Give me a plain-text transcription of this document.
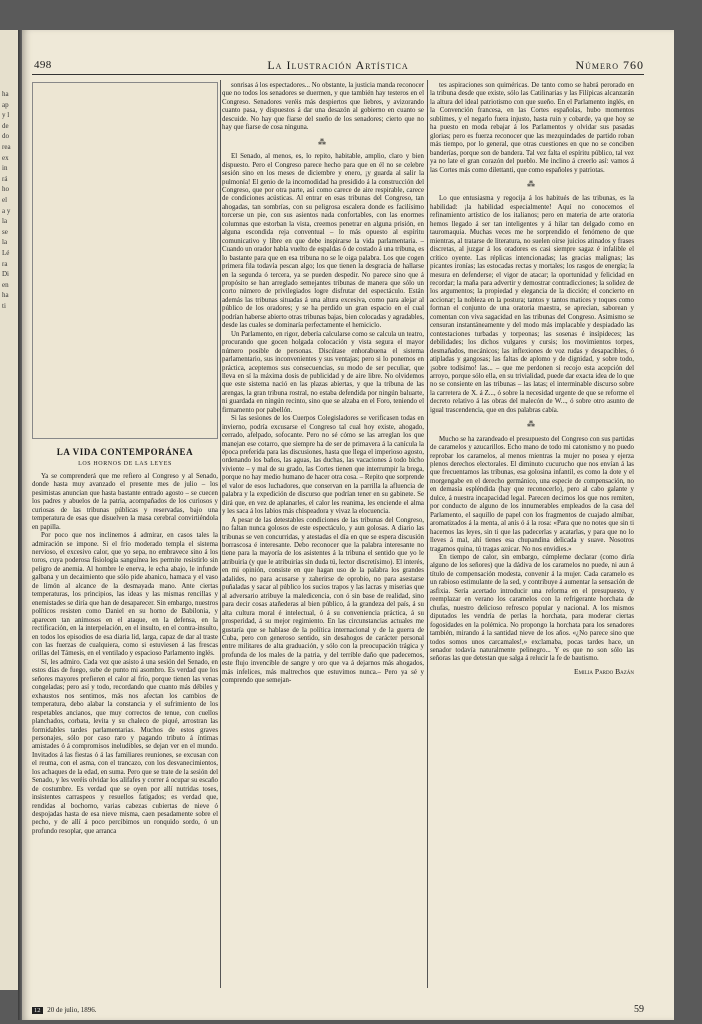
ha
ap
y l
de
do
rea
ex
in
rá
ho
el
a y
la
se
la
Lé
ra
Di
en
ha
ti
498	La Ilustración Artística	Número 760
LA VIDA CONTEMPORÁNEA
LOS HORNOS DE LAS LEYES

Ya se comprenderá que me refiero al Congreso y al Senado, donde hasta muy avanzado el presente mes de julio – los pesimistas anuncian que hasta bastante entrado agosto – se cuecen los padres y abuelos de la patria, acompañados de los curiosos y curiosas de las tribunas públicas y reservadas, bajo una temperatura de esas que disuelven la masa cerebral convirtiéndola en papilla.

Por poco que nos inclinemos á admirar, en casos tales la admiración se impone. Si el frío moderado templa el sistema nervioso, el excesivo calor, que yo sepa, no embravece sino á los toros, cuya poderosa fisiología sanguínea les permite resistirlo sin peligro de anemia. Al hombre le enerva, le echa abajo, le infunde galbana y un decaimiento que sólo pide abanico, hamaca y el vaso de limón al alcance de la desmayada mano. Ante ciertas temperaturas, los principios, las ideas y las mismas rencillas y enemistades se diría que han de desaparecer. Sin embargo, nuestros políticos resisten como Daniel en su horno de Babilonia, y aparecen tan animosos en el ataque, en la defensa, en la rectificación, en la interpelación, en el insulto, en el contra-insulto, en todos los episodios de esa diaria lid, larga, capaz de dar al traste con las fuerzas de cualquiera, como si estuviesen á las frescas orillas del Támesis, en el ventilado y espacioso Parlamento inglés.

Sí, les admiro. Cada vez que asisto á una sesión del Senado, en estos días de fuego, sube de punto mi asombro. Es verdad que los señores mayores prefieren el calor al frío, porque tienen las venas congeladas; pero así y todo, recordando que cuanto más débiles y exhaustos nos sentimos, más nos afectan los cambios de temperatura, debo alabar la constancia y el sufrimiento de los respetables ancianos, que muy correctos de tenue, con cuellos planchados, corbata, levita y su chaleco de piqué, arrostran las formidables tardes parlamentarias. Muchos de estos graves personajes, sólo por caso raro y pagando tributo á íntimas amistades ó á compromisos ineludibles, se dejan ver en el mundo. Invitados á las fiestas ó á las familiares reuniones, se excusan con el reuma, con el asma, con el trancazo, con los desvanecimientos, los achaques de la edad, en suma. Pero que se trate de la sesión del Senado, y les veréis olvidar los alifafes y correr á ocupar su escaño de costumbre. Es verdad que se oyen por allí nutridas toses, insistentes carraspeos y resuellos fatigados; es verdad que, rendidas al bochorno, varias cabezas cubiertas de nieve ó despojadas hasta de esa nieve misma, caen pesadamente sobre el pecho, y de allí á poco percibimos un ronquido sordo, ó un profundo resoplar, que arranca

sonrisas á los espectadores... No obstante, la justicia manda reconocer que no todos los senadores se duermen, y que también hay testeros en el Congreso. Senadores veréis más despiertos que liebres, y avizorando cuanto pasa, y dispuestos á dar una desazón al gobierno en cuanto se descuide. No hay que fiarse del sueño de los senadores; cierto que no hay que fiarse de cosa ninguna.

⁂

El Senado, al menos, es, lo repito, habitable, amplio, claro y bien dispuesto. Pero el Congreso parece hecho para que en él no se celebre sesión sino en los meses de diciembre y enero, ¡y guarda al salir la pulmonía! El genio de la incomodidad ha presidido á la construcción del Congreso, que por otra parte, así como carece de aire respirable, carece de condiciones acústicas. Al entrar en esas tribunas del Congreso, tan ahogadas, tan sombrías, con su peligrosa escalera donde es facilísimo torcerse un pie, con sus asientos nada confortables, con las enormes columnas que estorban la vista, creemos penetrar en alguna prisión, en alguna escondida reja conventual – lo más opuesto al espíritu comunicativo y libre en que debe inspirarse la vida parlamentaria. – Cuando un orador habla vuelto de espaldas ó de costado á una tribuna, es lo bastante para que en esa tribuna no se le oiga palabra. Los que cogen primera fila todavía pescan algo; los que tienen la desgracia de hallarse en la segunda ó tercera, ya se pueden despedir. No parece sino que á propósito se han arreglado semejantes tribunas de manera que sólo un corto número de privilegiados logre disfrutar del espectáculo. Están además las tribunas situadas á una altura excesiva, como para alejar al público de los oradores; y se ha perdido un gran espacio en el cual podrían haberse abierto otras tribunas bajas, bien colocadas y agradables, desde las cuales se dominaría perfectamente el hemiciclo.

Un Parlamento, en rigor, debería calcularse como se calcula un teatro, procurando que gocen holgada colocación y vista segura el mayor número posible de personas. Discútase enhorabuena el sistema parlamentario, sus inconvenientes y sus ventajas; pero si lo ponemos en práctica, aceptemos sus consecuencias, su modo de ser peculiar, que lleva en sí la máxima dosis de publicidad y de aire libre. No olvidemos que este sistema nació en las plazas abiertas, y que la tribuna de las arengas, la gran tribuna rostral, no estaba defendida por ningún baluarte, ni guardada en ningún recinto, sino que se alzaba en el Foro, teniendo el firmamento por pabellón.

Si las sesiones de los Cuerpos Colegisladores se verificasen todas en invierno, podría excusarse el Congreso tal cual hoy existe, ahogado, cerrado, afelpado, sofocante. Pero no sé cómo se las arreglan los que manejan ese cotarro, que siempre ha de ser de primavera á la canícula la época preferida para las discusiones, hasta que llega el imperioso agosto, ordenando los baños, las aguas, las duchas, las vacaciones á todo bicho viviente – y mal de su grado, las Cortes tienen que interrumpir la brega, porque no hay medio humano de hacer otra cosa. – Repito que sorprende el valor de esos luchadores, que conservan en la parrilla la afluencia de palabra y la expedición de discurso que podrían tener en su gabinete. Se dirá que, en vez de aplanarles, el calor les reanima, les enciende el alma y les saca á los labios más chispeadora y vivaz la elocuencia.

A pesar de las detestables condiciones de las tribunas del Congreso, no faltan nunca golosos de este espectáculo, y aun golosas. A diario las tribunas se ven concurridas, y atestadas el día en que se espera discusión borrascosa é interesante. Debo reconocer que la palabra interesante no tiene para la mayoría de los asistentes á la tribuna el sentido que yo le atribuiría (y que le atribuirías sin duda tú, lector discretísimo). El interés, en mi opinión, consiste en que hagan uso de la palabra los grandes adalides, no para acusarse y zaherirse de oprobio, no para asestarse puñaladas y sacar al público los sucios trapos y las lacras y miserias que al adversario atribuye la maledicencia, con ó sin base de realidad, sino para decir cosas atañederas al bien público, á la grandeza del país, á su alta cultura moral é intelectual, ó á su conveniencia práctica, á su prosperidad, á su mejor regimiento. En las circunstancias actuales me gustaría que se hablase de la política internacional y de la guerra de Cuba, pero con generoso sentido, sin desahogos de carácter personal entre militares de alta graduación, y sólo con la preocupación trágica y profunda de los males de la patria, y del terrible daño que padecemos, este flujo invencible de sangre y oro que va á dejarnos más ahogados, más infelices, más maltrechos que estuvimos nunca.– Pero ya sé y comprendo que semejan-

tes aspiraciones son quiméricas. De tanto como se habrá perorado en la tribuna desde que existe, sólo las Catilinarias y las Filípicas alcanzarán la altura del ideal patriotismo con que sueño. En el Parlamento inglés, en la Convención francesa, en las Cortes españolas, hubo momentos sublimes, y el negarlo fuera injusto, hasta ruin y cobarde, ya que hoy se ha puesto en moda rebajar á los Parlamentos y olvidar sus pasadas glorias; pero es fuerza reconocer que las mezquindades de partido roban más tiempo, por lo general, que otras cuestiones en que no se conciben banderías, porque son de bandera. Tal vez falta el espíritu público, tal vez ya no late el gran corazón del pueblo. Me inclino á creerlo así: vamos á las Cortes más como dilettanti, que como españoles y patriotas.

⁂

Lo que entusiasma y regocija á los habitués de las tribunas, es la habilidad: ¡la habilidad especialmente! Aquí no conocemos el refinamiento artístico de los italianos; pero en materia de arte oratoria hemos llegado á ser tan inteligentes y á hilar tan delgado como en tauromaquia. Muchas veces me he sorprendido el fenómeno de que mientras, al tratarse de literatura, no suelen oírse juicios atinados y frases discretas, al juzgar á los oradores es casi siempre sagaz é infalible el crítico oyente. Las réplicas intencionadas; las gracias malignas; las picantes ironías; las estocadas rectas y mortales; los rasgos de energía; la mesura en defenderse; el vigor de atacar; la oportunidad y felicidad en recordar; la maña para advertir y demostrar contradicciones; la solidez de los argumentos; la propiedad y elegancia de la dicción; el concierto en accionar; la nobleza en la postura; tantos y tantos matices y toques como forman el conjunto de una oratoria maestra, se aprecian, saborean y comentan con viva sagacidad en las tribunas del Congreso. Asimismo se censuran instantáneamente y del modo más implacable y despiadado las contestaciones turbadas y torpeonas; las sosenas é insípideces; las debilidades; los dichos vulgares y cursis; los movimientos torpes, desmañados, mecánicos; las inflexiones de voz rudas y desapacibles, ó atipladas y gangosas; las faltas de aplomo y de dignidad, y sobre todo, ¡sobre todísimo! las... – que me perdonen si recojo esta acepción del arroyo, porque sólo ella, en su trivialidad, puede dar exacta idea de lo que no se consiente en las tribunas – las latas; el interminable discurso sobre la carretera de X. á Z..., ó sobre la necesidad urgente de que se reforme el decreto relativo á las obras del malecón de W..., ó sobre otro asunto de igual trascendencia, que en dos palabras cabía.

⁂

Mucho se ha zarandeado el presupuesto del Congreso con sus partidas de caramelos y azucarillos. Echo mano de todo mi catonismo y no puedo reprobar los caramelos, al menos mientras la mujer no posea y ejerza plenos derechos electorales. El diminuto cucurucho que nos envían á las que frecuentamos las tribunas, esa golosina infantil, es como la dote y el morgengabe en el derecho germánico, una especie de compensación, no en demasía espléndida (hay que reconocerlo), pero al cabo galante y dulce, á nuestra incapacidad legal. Parecen decirnos los que nos remiten, por conducto de alguno de los innumerables empleados de la casa del Parlamento, el saquillo de papel con los fragmentos de cuajado almíbar, aromatizados á la menta, al anís ó á la rosa: «Para que no notes que sin ti hacemos las leyes, sin ti que las padecerlas y acatarlas, y para que no lo lleves á mal, ahí tienes esa chupandina delicada y suave. Nosotros tragamos quina, tú tragas azúcar. No nos envidies.»

En tiempo de calor, sin embargo, cúmpleme declarar (como diría alguno de los señores) que la dádiva de los caramelos no puede, ni aun á título de compensación modesta, convenir á la mujer. Cada caramelo es un rabioso estimulante de la sed, y contribuye á aumentar la sensación de asfixia. Sería acertado introducir una reforma en el presupuesto, y reemplazar en verano los caramelos con la refrigerante horchata de chufas, nuestro delicioso refresco popular y nacional. A los mismos diputados les vendría de perlas la horchata, para moderar ciertas fogosidades en la polémica. No propongo la horchata para los senadores también, mirando á la santidad nieve de los años. «¿No parece sino que todos somos unos carcamales!,» exclamaba, pocas tardes hace, un senador todavía naturalmente pelinegro... Y es que no son sólo las señoras las que detestan que salga á relucir la fe de bautismo.

Emilia Pardo Bazán
12 20 de julio, 1896.	59
